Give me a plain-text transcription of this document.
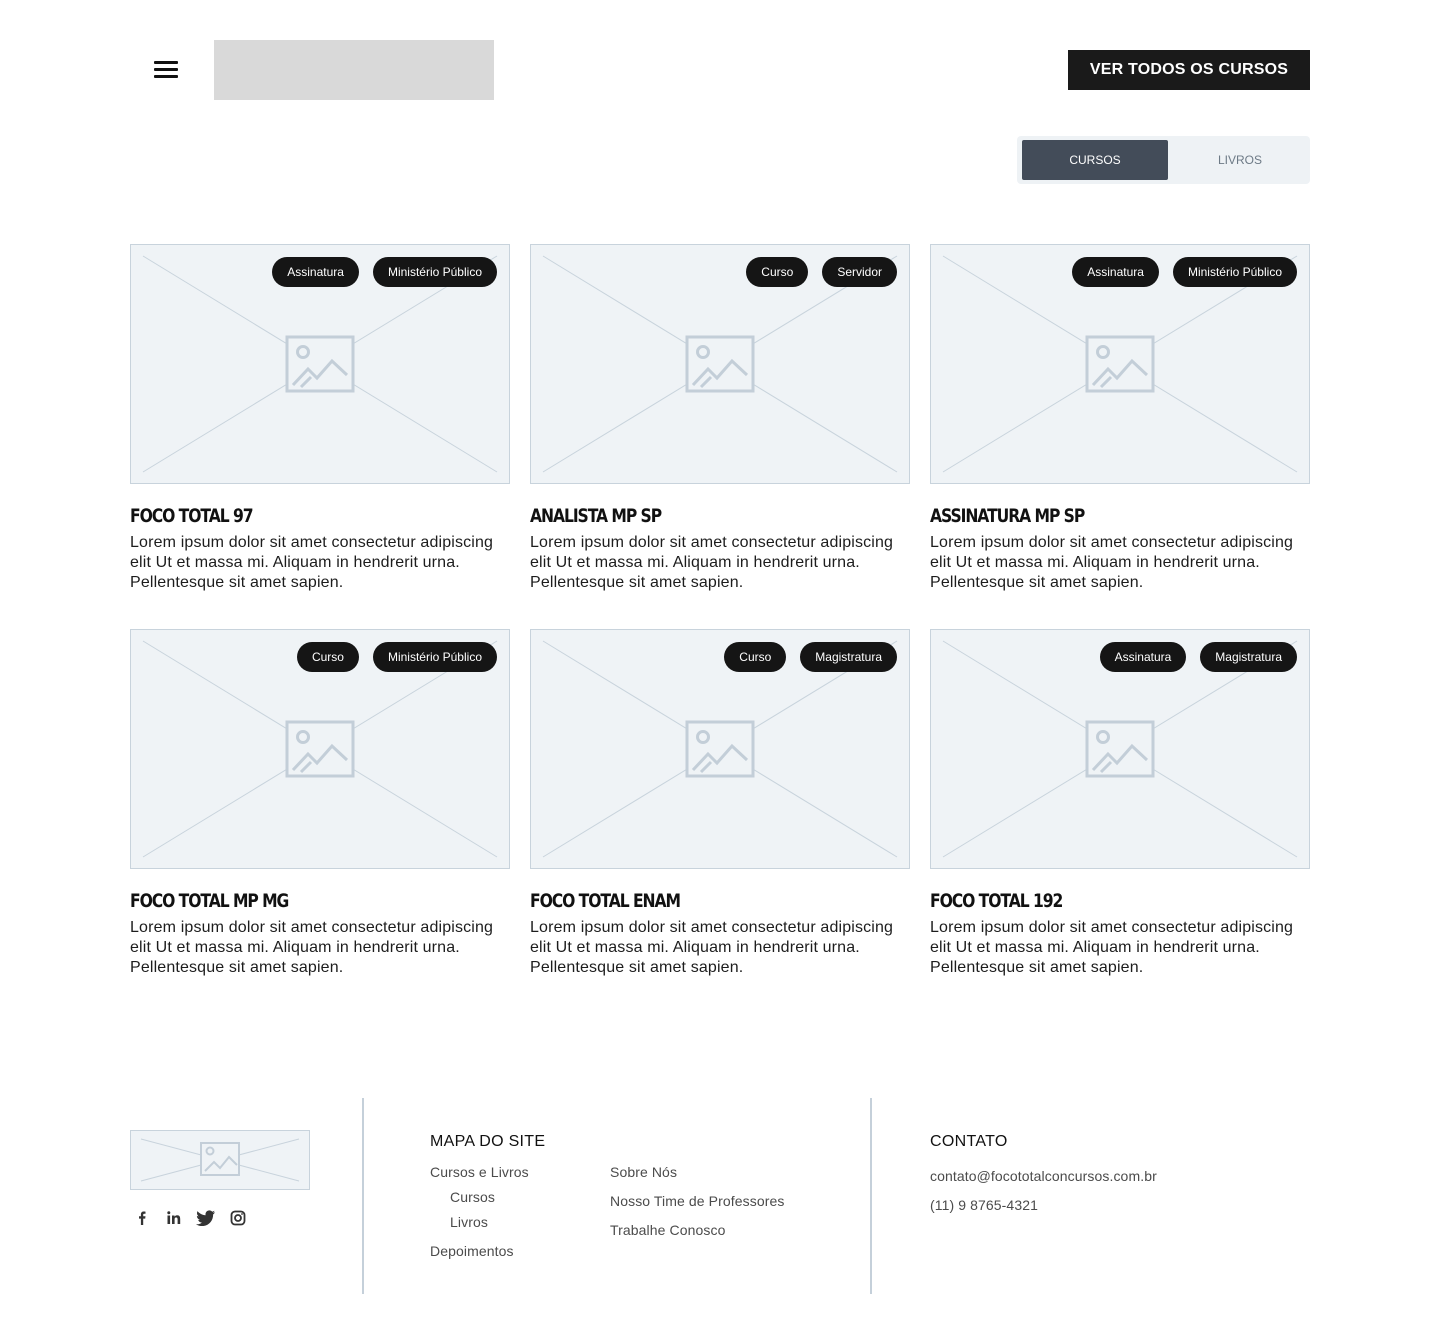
VER TODOS OS CURSOS
CURSOS	LIVROS
Assinatura	Ministério Público
FOCO TOTAL 97
Lorem ipsum dolor sit amet consectetur adipiscing elit Ut et massa mi. Aliquam in hendrerit urna. Pellentesque sit amet sapien.
Curso	Servidor
ANALISTA MP SP
Lorem ipsum dolor sit amet consectetur adipiscing elit Ut et massa mi. Aliquam in hendrerit urna. Pellentesque sit amet sapien.
Assinatura	Ministério Público
ASSINATURA MP SP
Lorem ipsum dolor sit amet consectetur adipiscing elit Ut et massa mi. Aliquam in hendrerit urna. Pellentesque sit amet sapien.
Curso	Ministério Público
FOCO TOTAL MP MG
Lorem ipsum dolor sit amet consectetur adipiscing elit Ut et massa mi. Aliquam in hendrerit urna. Pellentesque sit amet sapien.
Curso	Magistratura
FOCO TOTAL ENAM
Lorem ipsum dolor sit amet consectetur adipiscing elit Ut et massa mi. Aliquam in hendrerit urna. Pellentesque sit amet sapien.
Assinatura	Magistratura
FOCO TOTAL 192
Lorem ipsum dolor sit amet consectetur adipiscing elit Ut et massa mi. Aliquam in hendrerit urna. Pellentesque sit amet sapien.
MAPA DO SITE
Cursos e Livros
Cursos
Livros
Depoimentos
Sobre Nós
Nosso Time de Professores
Trabalhe Conosco
CONTATO
contato@focototalconcursos.com.br
(11) 9 8765-4321
